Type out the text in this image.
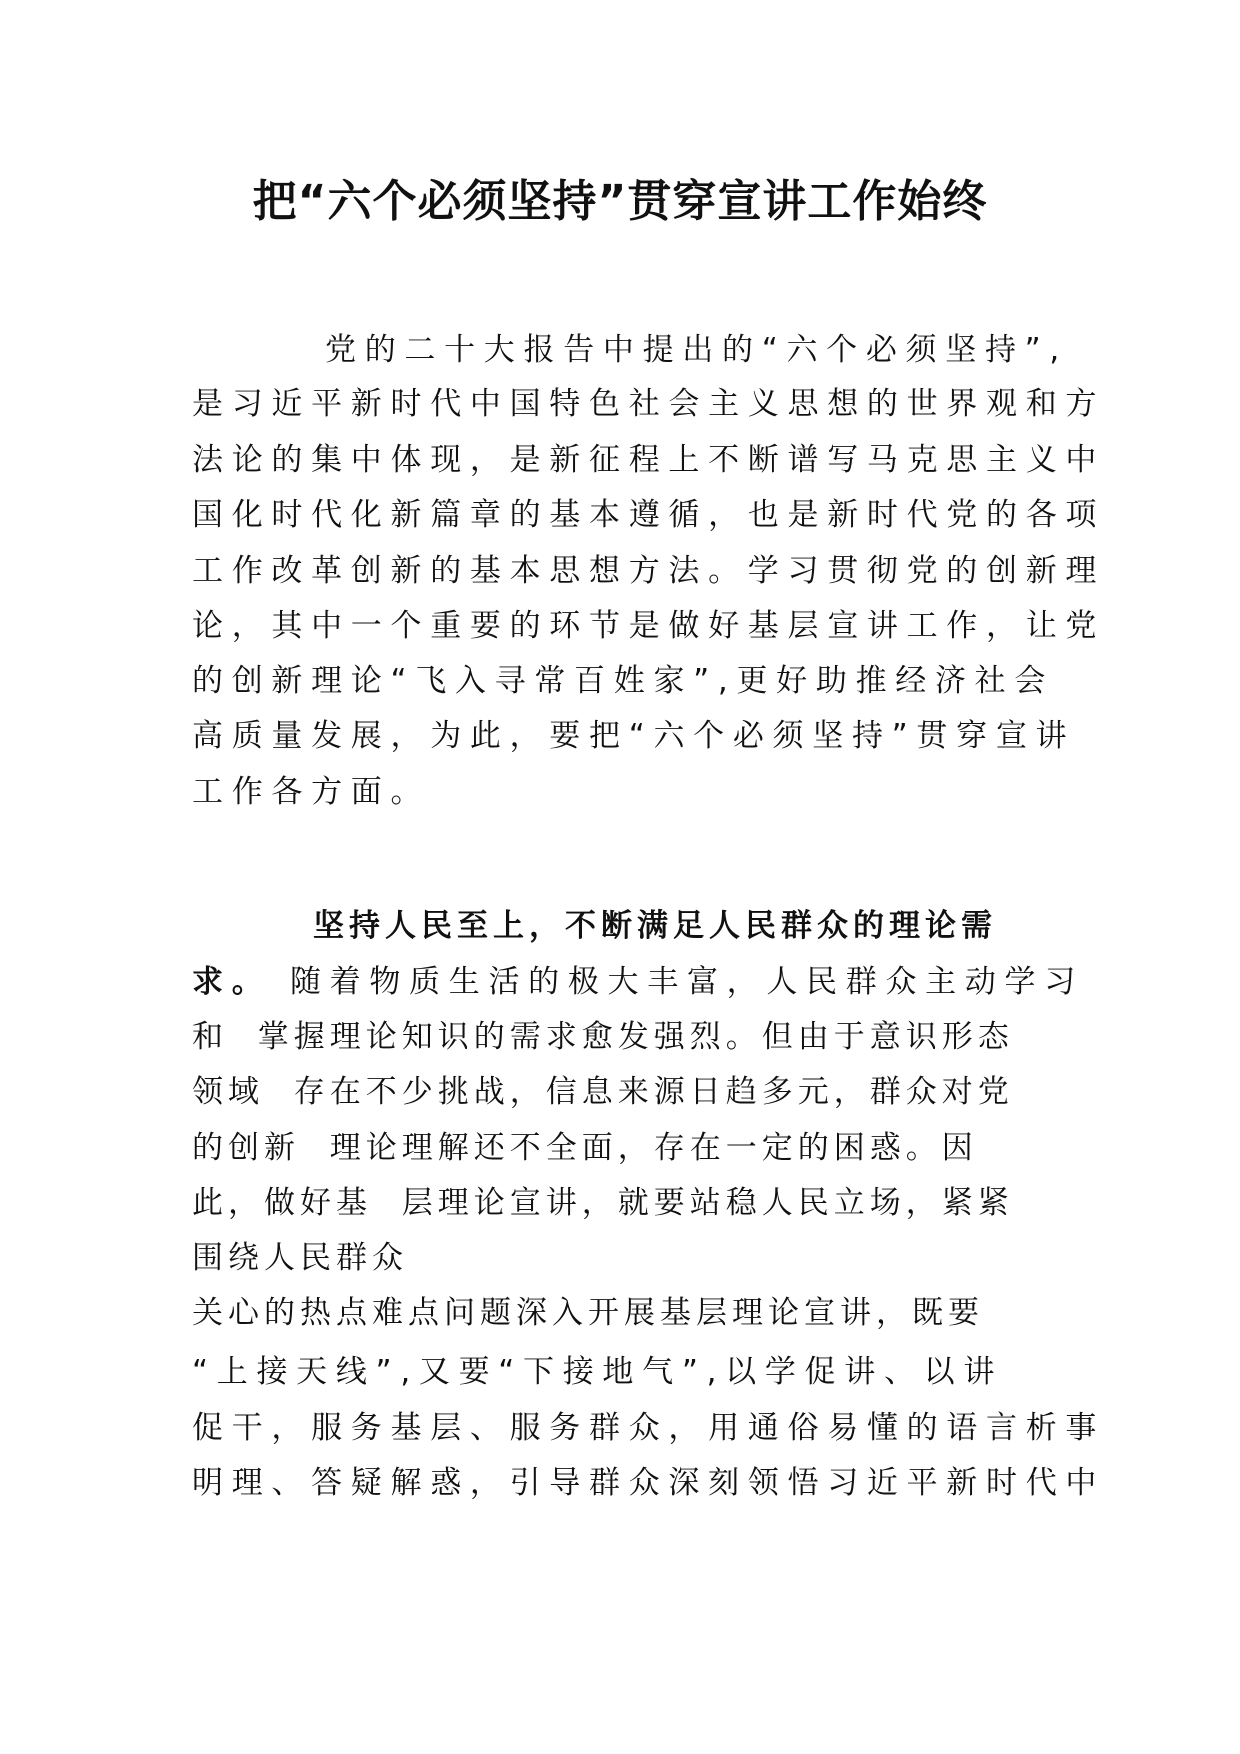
把“六个必须坚持”贯穿宣讲工作始终
党的二十大报告中提出的“六个必须坚持”,
是习近平新时代中国特色社会主义思想的世界观和方
法论的集中体现，是新征程上不断谱写马克思主义中
国化时代化新篇章的基本遵循，也是新时代党的各项
工作改革创新的基本思想方法。学习贯彻党的创新理
论，其中一个重要的环节是做好基层宣讲工作，让党
的创新理论“飞入寻常百姓家”,更好助推经济社会
高质量发展，为此，要把“六个必须坚持”贯穿宣讲
工作各方面。
坚持人民至上，不断满足人民群众的理论需
求。 随着物质生活的极大丰富，人民群众主动学习
和  掌握理论知识的需求愈发强烈。但由于意识形态
领域  存在不少挑战，信息来源日趋多元，群众对党
的创新  理论理解还不全面，存在一定的困惑。因
此，做好基  层理论宣讲，就要站稳人民立场，紧紧
围绕人民群众
关心的热点难点问题深入开展基层理论宣讲，既要
“上接天线”,又要“下接地气”,以学促讲、以讲
促干，服务基层、服务群众，用通俗易懂的语言析事
明理、答疑解惑，引导群众深刻领悟习近平新时代中
